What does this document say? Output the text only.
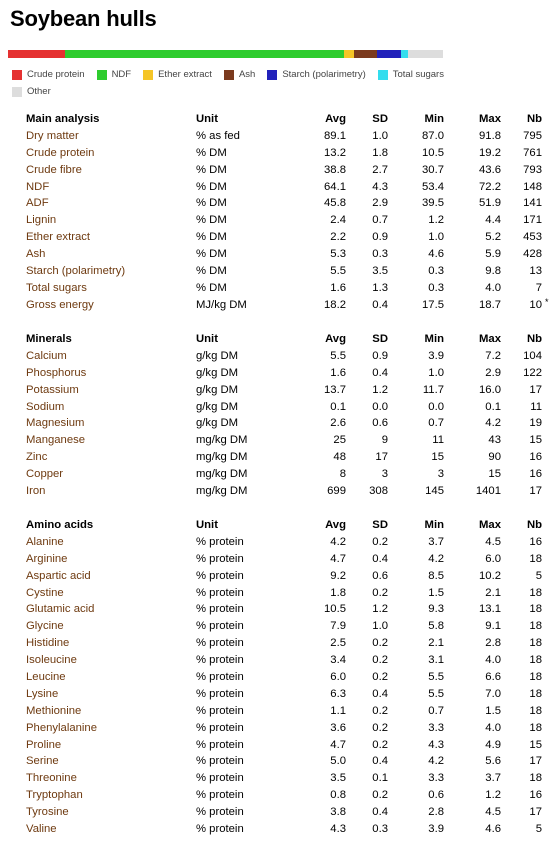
Soybean hulls
Crude protein	NDF	Ether extract	Ash	Starch (polarimetry)	Total sugars
Other
Main analysis	Unit	Avg SD	Min	Max Nb
Dry matter	% as fed	89.1 1.0	87.0	91.8 795
Crude protein	% DM	13.2 1.8	10.5	19.2 761
Crude fibre	% DM	38.8 2.7	30.7	43.6 793
NDF	% DM	64.1 4.3	53.4	72.2 148
ADF	% DM	45.8 2.9	39.5	51.9 141
Lignin	% DM	2.4 0.7	1.2	4.4 171
Ether extract	% DM	2.2 0.9	1.0	5.2 453
Ash	% DM	5.3 0.3	4.6	5.9 428
Starch (polarimetry)	% DM	5.5 3.5	0.3	9.8	13
Total sugars	% DM	1.6 1.3	0.3	4.0	7
Gross energy	MJ/kg DM	18.2 0.4	17.5	18.7	10 *
Minerals	Unit	Avg SD	Min	Max Nb
Calcium	g/kg DM	5.5 0.9	3.9	7.2 104
Phosphorus	g/kg DM	1.6 0.4	1.0	2.9 122
Potassium	g/kg DM	13.7 1.2	11.7	16.0	17
Sodium	g/kg DM	0.1 0.0	0.0	0.1	11
Magnesium	g/kg DM	2.6 0.6	0.7	4.2	19
Manganese	mg/kg DM	25	9	11	43	15
Zinc	mg/kg DM	48	17	15	90	16
Copper	mg/kg DM	8	3	3	15	16
Iron	mg/kg DM	699 308	145	1401	17
Amino acids	Unit	Avg SD	Min	Max Nb
Alanine	% protein	4.2 0.2	3.7	4.5	16
Arginine	% protein	4.7 0.4	4.2	6.0	18
Aspartic acid	% protein	9.2 0.6	8.5	10.2	5
Cystine	% protein	1.8 0.2	1.5	2.1	18
Glutamic acid	% protein	10.5 1.2	9.3	13.1	18
Glycine	% protein	7.9 1.0	5.8	9.1	18
Histidine	% protein	2.5 0.2	2.1	2.8	18
Isoleucine	% protein	3.4 0.2	3.1	4.0	18
Leucine	% protein	6.0 0.2	5.5	6.6	18
Lysine	% protein	6.3 0.4	5.5	7.0	18
Methionine	% protein	1.1 0.2	0.7	1.5	18
Phenylalanine	% protein	3.6 0.2	3.3	4.0	18
Proline	% protein	4.7 0.2	4.3	4.9	15
Serine	% protein	5.0 0.4	4.2	5.6	17
Threonine	% protein	3.5 0.1	3.3	3.7	18
Tryptophan	% protein	0.8 0.2	0.6	1.2	16
Tyrosine	% protein	3.8 0.4	2.8	4.5	17
Valine	% protein	4.3 0.3	3.9	4.6	5
